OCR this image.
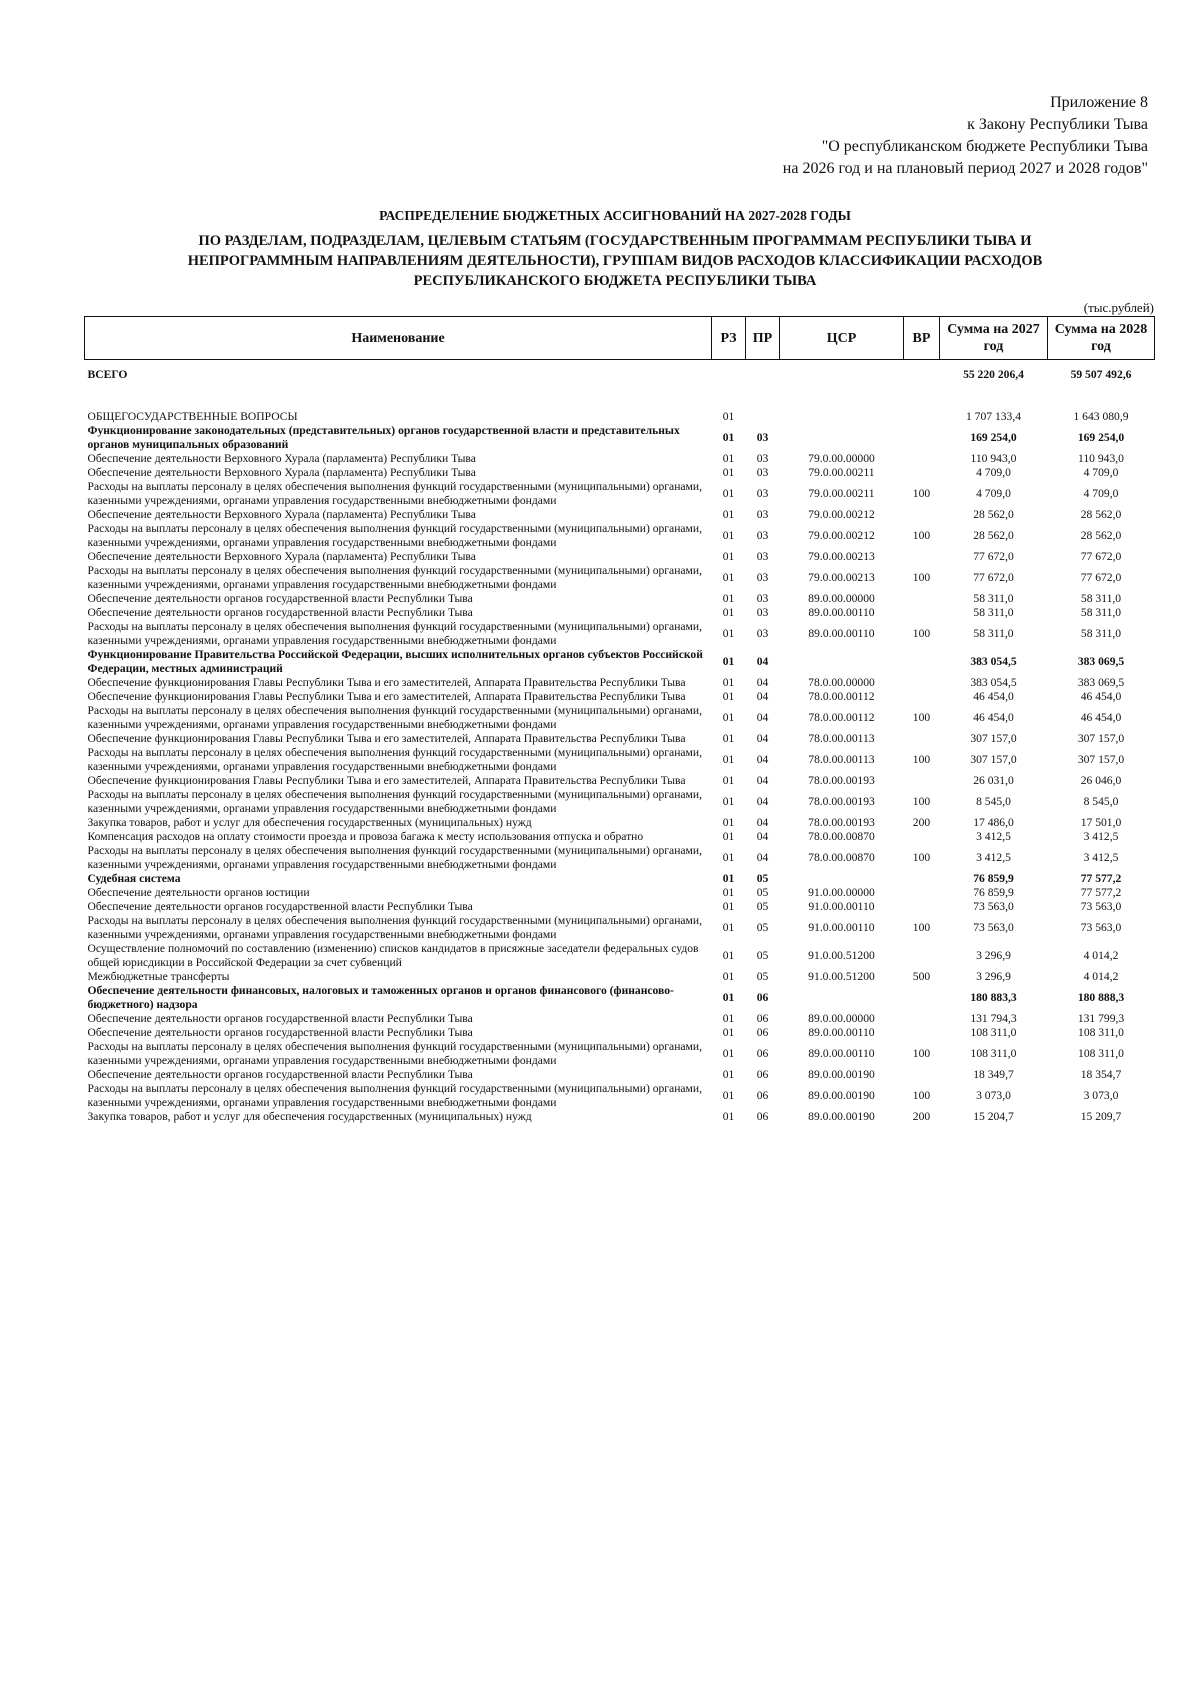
Приложение 8
к Закону Республики Тыва
"О республиканском бюджете Республики Тыва
на 2026 год и на плановый период 2027 и 2028 годов"
РАСПРЕДЕЛЕНИЕ БЮДЖЕТНЫХ АССИГНОВАНИЙ НА 2027-2028 ГОДЫ
ПО РАЗДЕЛАМ, ПОДРАЗДЕЛАМ, ЦЕЛЕВЫМ СТАТЬЯМ (ГОСУДАРСТВЕННЫМ ПРОГРАММАМ РЕСПУБЛИКИ ТЫВА И
НЕПРОГРАММНЫМ НАПРАВЛЕНИЯМ ДЕЯТЕЛЬНОСТИ), ГРУППАМ ВИДОВ РАСХОДОВ КЛАССИФИКАЦИИ РАСХОДОВ
РЕСПУБЛИКАНСКОГО БЮДЖЕТА РЕСПУБЛИКИ ТЫВА
(тыс.рублей)
Наименование	РЗ	ПР	ЦСР	ВР	Сумма на 2027 год	Сумма на 2028 год
ВСЕГО					55 220 206,4	59 507 492,6
ОБЩЕГОСУДАРСТВЕННЫЕ ВОПРОСЫ	01				1 707 133,4	1 643 080,9
Функционирование законодательных (представительных) органов государственной власти и представительных органов муниципальных образований	01	03			169 254,0	169 254,0
Обеспечение деятельности Верховного Хурала (парламента) Республики Тыва	01	03	79.0.00.00000		110 943,0	110 943,0
Обеспечение деятельности Верховного Хурала (парламента) Республики Тыва	01	03	79.0.00.00211		4 709,0	4 709,0
Расходы на выплаты персоналу в целях обеспечения выполнения функций государственными (муниципальными) органами, казенными учреждениями, органами управления государственными внебюджетными фондами	01	03	79.0.00.00211	100	4 709,0	4 709,0
Обеспечение деятельности Верховного Хурала (парламента) Республики Тыва	01	03	79.0.00.00212		28 562,0	28 562,0
Расходы на выплаты персоналу в целях обеспечения выполнения функций государственными (муниципальными) органами, казенными учреждениями, органами управления государственными внебюджетными фондами	01	03	79.0.00.00212	100	28 562,0	28 562,0
Обеспечение деятельности Верховного Хурала (парламента) Республики Тыва	01	03	79.0.00.00213		77 672,0	77 672,0
Расходы на выплаты персоналу в целях обеспечения выполнения функций государственными (муниципальными) органами, казенными учреждениями, органами управления государственными внебюджетными фондами	01	03	79.0.00.00213	100	77 672,0	77 672,0
Обеспечение деятельности органов государственной власти Республики Тыва	01	03	89.0.00.00000		58 311,0	58 311,0
Обеспечение деятельности органов государственной власти Республики Тыва	01	03	89.0.00.00110		58 311,0	58 311,0
Расходы на выплаты персоналу в целях обеспечения выполнения функций государственными (муниципальными) органами, казенными учреждениями, органами управления государственными внебюджетными фондами	01	03	89.0.00.00110	100	58 311,0	58 311,0
Функционирование Правительства Российской Федерации, высших исполнительных органов субъектов Российской Федерации, местных администраций	01	04			383 054,5	383 069,5
Обеспечение функционирования Главы Республики Тыва и его заместителей, Аппарата Правительства Республики Тыва	01	04	78.0.00.00000		383 054,5	383 069,5
Обеспечение функционирования Главы Республики Тыва и его заместителей, Аппарата Правительства Республики Тыва	01	04	78.0.00.00112		46 454,0	46 454,0
Расходы на выплаты персоналу в целях обеспечения выполнения функций государственными (муниципальными) органами, казенными учреждениями, органами управления государственными внебюджетными фондами	01	04	78.0.00.00112	100	46 454,0	46 454,0
Обеспечение функционирования Главы Республики Тыва и его заместителей, Аппарата Правительства Республики Тыва	01	04	78.0.00.00113		307 157,0	307 157,0
Расходы на выплаты персоналу в целях обеспечения выполнения функций государственными (муниципальными) органами, казенными учреждениями, органами управления государственными внебюджетными фондами	01	04	78.0.00.00113	100	307 157,0	307 157,0
Обеспечение функционирования Главы Республики Тыва и его заместителей, Аппарата Правительства Республики Тыва	01	04	78.0.00.00193		26 031,0	26 046,0
Расходы на выплаты персоналу в целях обеспечения выполнения функций государственными (муниципальными) органами, казенными учреждениями, органами управления государственными внебюджетными фондами	01	04	78.0.00.00193	100	8 545,0	8 545,0
Закупка товаров, работ и услуг для обеспечения государственных (муниципальных) нужд	01	04	78.0.00.00193	200	17 486,0	17 501,0
Компенсация расходов на оплату стоимости проезда и провоза багажа к месту использования отпуска и обратно	01	04	78.0.00.00870		3 412,5	3 412,5
Расходы на выплаты персоналу в целях обеспечения выполнения функций государственными (муниципальными) органами, казенными учреждениями, органами управления государственными внебюджетными фондами	01	04	78.0.00.00870	100	3 412,5	3 412,5
Судебная система	01	05			76 859,9	77 577,2
Обеспечение деятельности органов юстиции	01	05	91.0.00.00000		76 859,9	77 577,2
Обеспечение деятельности органов государственной власти Республики Тыва	01	05	91.0.00.00110		73 563,0	73 563,0
Расходы на выплаты персоналу в целях обеспечения выполнения функций государственными (муниципальными) органами, казенными учреждениями, органами управления государственными внебюджетными фондами	01	05	91.0.00.00110	100	73 563,0	73 563,0
Осуществление полномочий по составлению (изменению) списков кандидатов в присяжные заседатели федеральных судов общей юрисдикции в Российской Федерации за счет субвенций	01	05	91.0.00.51200		3 296,9	4 014,2
Межбюджетные трансферты	01	05	91.0.00.51200	500	3 296,9	4 014,2
Обеспечение деятельности финансовых, налоговых и таможенных органов и органов финансового (финансово-бюджетного) надзора	01	06			180 883,3	180 888,3
Обеспечение деятельности органов государственной власти Республики Тыва	01	06	89.0.00.00000		131 794,3	131 799,3
Обеспечение деятельности органов государственной власти Республики Тыва	01	06	89.0.00.00110		108 311,0	108 311,0
Расходы на выплаты персоналу в целях обеспечения выполнения функций государственными (муниципальными) органами, казенными учреждениями, органами управления государственными внебюджетными фондами	01	06	89.0.00.00110	100	108 311,0	108 311,0
Обеспечение деятельности органов государственной власти Республики Тыва	01	06	89.0.00.00190		18 349,7	18 354,7
Расходы на выплаты персоналу в целях обеспечения выполнения функций государственными (муниципальными) органами, казенными учреждениями, органами управления государственными внебюджетными фондами	01	06	89.0.00.00190	100	3 073,0	3 073,0
Закупка товаров, работ и услуг для обеспечения государственных (муниципальных) нужд	01	06	89.0.00.00190	200	15 204,7	15 209,7
